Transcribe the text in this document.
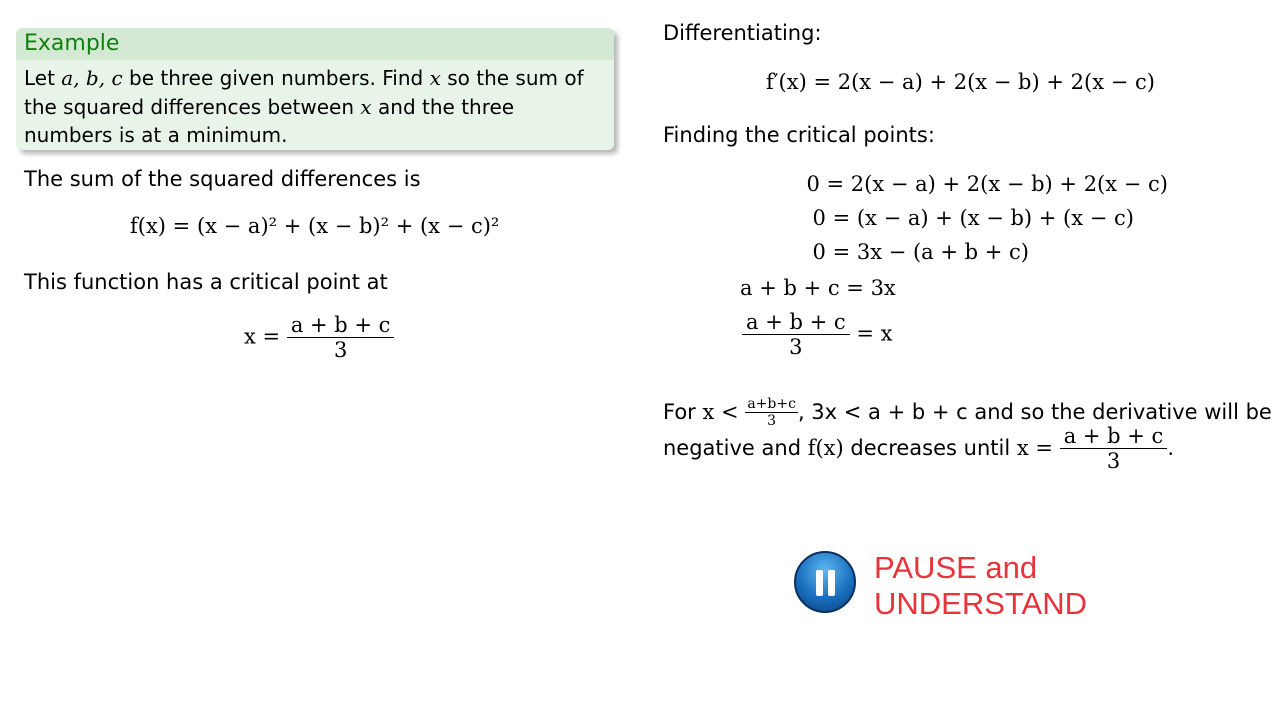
Example
Let a, b, c be three given numbers. Find x so the sum of the squared differences between x and the three numbers is at a minimum.
The sum of the squared differences is
f(x) = (x − a)² + (x − b)² + (x − c)²
This function has a critical point at
$x = \frac{a + b + c}{3}$
Differentiating:
f′(x) = 2(x − a) + 2(x − b) + 2(x − c)
Finding the critical points:
0 = 2(x − a) + 2(x − b) + 2(x − c)
0 = (x − a) + (x − b) + (x − c)
0 = 3x − (a + b + c)
a + b + c = 3x
$\frac{a + b + c}{3} = x$
For $x < \frac{a+b+c}{3}$ , 3x < a + b + c and so the derivative will be
negative and f(x) decreases until $x = \frac{a + b + c}{3}$ .
PAUSE and
UNDERSTAND
